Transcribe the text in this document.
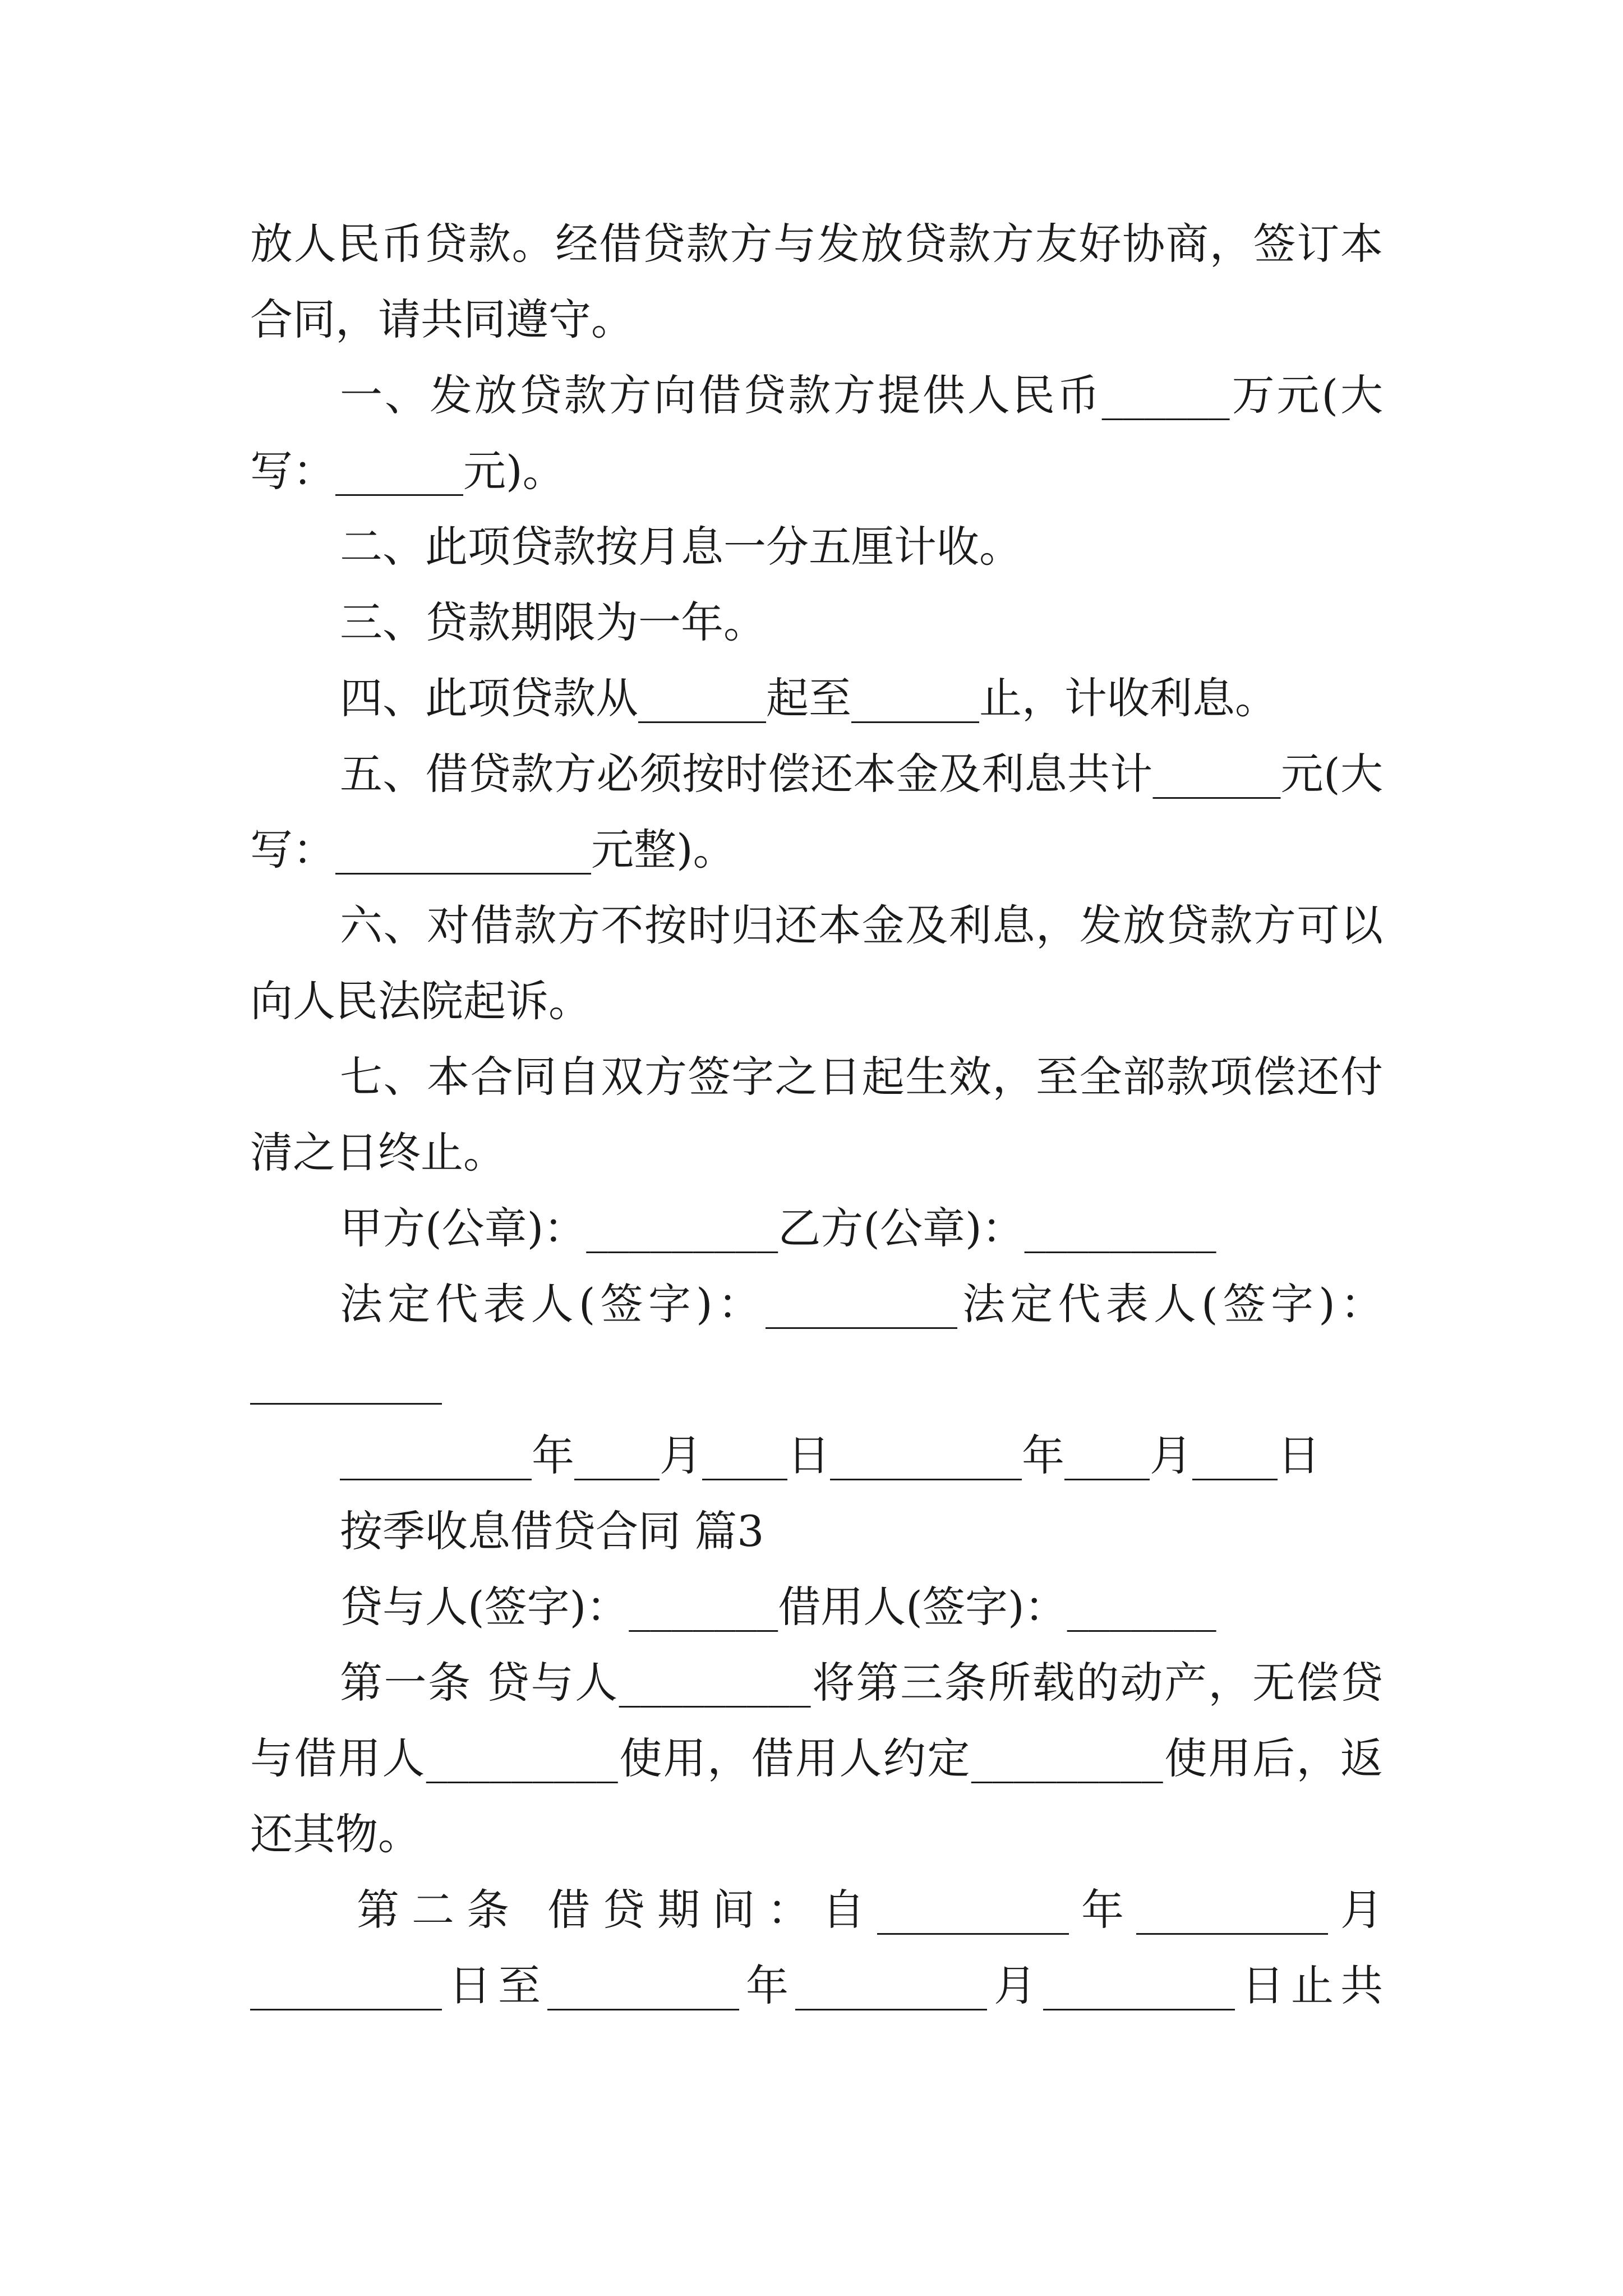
放人民币贷款。经借贷款方与发放贷款方友好协商，签订本
合同，请共同遵守。
一、发放贷款方向借贷款方提供人民币______万元(大
写：______元)。
二、此项贷款按月息一分五厘计收。
三、贷款期限为一年。
四、此项贷款从______起至______止，计收利息。
五、借贷款方必须按时偿还本金及利息共计______元(大
写：____________元整)。
六、对借款方不按时归还本金及利息，发放贷款方可以
向人民法院起诉。
七、本合同自双方签字之日起生效，至全部款项偿还付
清之日终止。
甲方(公章)：_________乙方(公章)：_________
法定代表人(签字)：_________法定代表人(签字)：
_________
_________年____月____日_________年____月____日
按季收息借贷合同 篇3
贷与人(签字)：_______借用人(签字)：_______
第一条 贷与人_________将第三条所载的动产，无偿贷
与借用人_________使用，借用人约定_________使用后，返
还其物。
第二条 借贷期间：自_________年_________月
_________日至_________年_________月_________日止共
